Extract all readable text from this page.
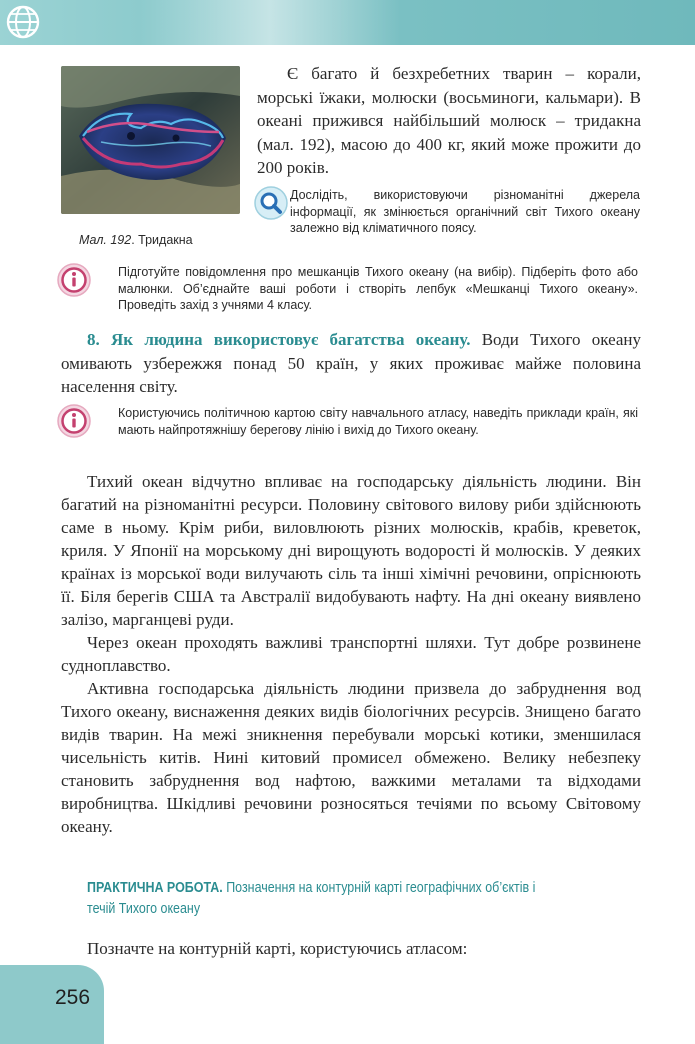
Мал. 192. Тридакна
Є багато й безхребетних тварин – корали, морські їжаки, молюски (восьминоги, кальмари). В океані прижився найбільший молюск – тридакна (мал. 192), масою до 400 кг, який може прожити до 200 років.
Дослідіть, використовуючи різноманітні джерела інформації, як змінюється органічний світ Тихого океану залежно від кліматичного поясу.
Підготуйте повідомлення про мешканців Тихого океану (на вибір). Підберіть фото або малюнки. Об’єднайте ваші роботи і створіть лепбук «Мешканці Тихого океану». Проведіть захід з учнями 4 класу.
8. Як людина використовує багатства океану. Води Тихого океану омивають узбережжя понад 50 країн, у яких проживає майже половина населення світу.
Користуючись політичною картою світу навчального атласу, наведіть приклади країн, які мають найпротяжнішу берегову лінію і вихід до Тихого океану.

Тихий океан відчутно впливає на господарську діяльність людини. Він багатий на різноманітні ресурси. Половину світового вилову риби здійснюють саме в ньому. Крім риби, виловлюють різних молюсків, крабів, креветок, криля. У Японії на морському дні вирощують водорості й молюсків. У деяких країнах із морської води вилучають сіль та інші хімічні речовини, опріснюють її. Біля берегів США та Австралії видобувають нафту. На дні океану виявлено залізо, марганцеві руди.

Через океан проходять важливі транспортні шляхи. Тут добре розвинене судноплавство.

Активна господарська діяльність людини призвела до забруднення вод Тихого океану, виснаження деяких видів біологічних ресурсів. Знищено багато видів тварин. На межі зникнення перебували морські котики, зменшилася чисельність китів. Нині китовий промисел обмежено. Велику небезпеку становить забруднення вод нафтою, важкими металами та відходами виробництва. Шкідливі речовини розносяться течіями по всьому Світовому океану.

ПРАКТИЧНА РОБОТА. Позначення на контурній карті географічних об’єктів і течій Тихого океану
Позначте на контурній карті, користуючись атласом:
256
